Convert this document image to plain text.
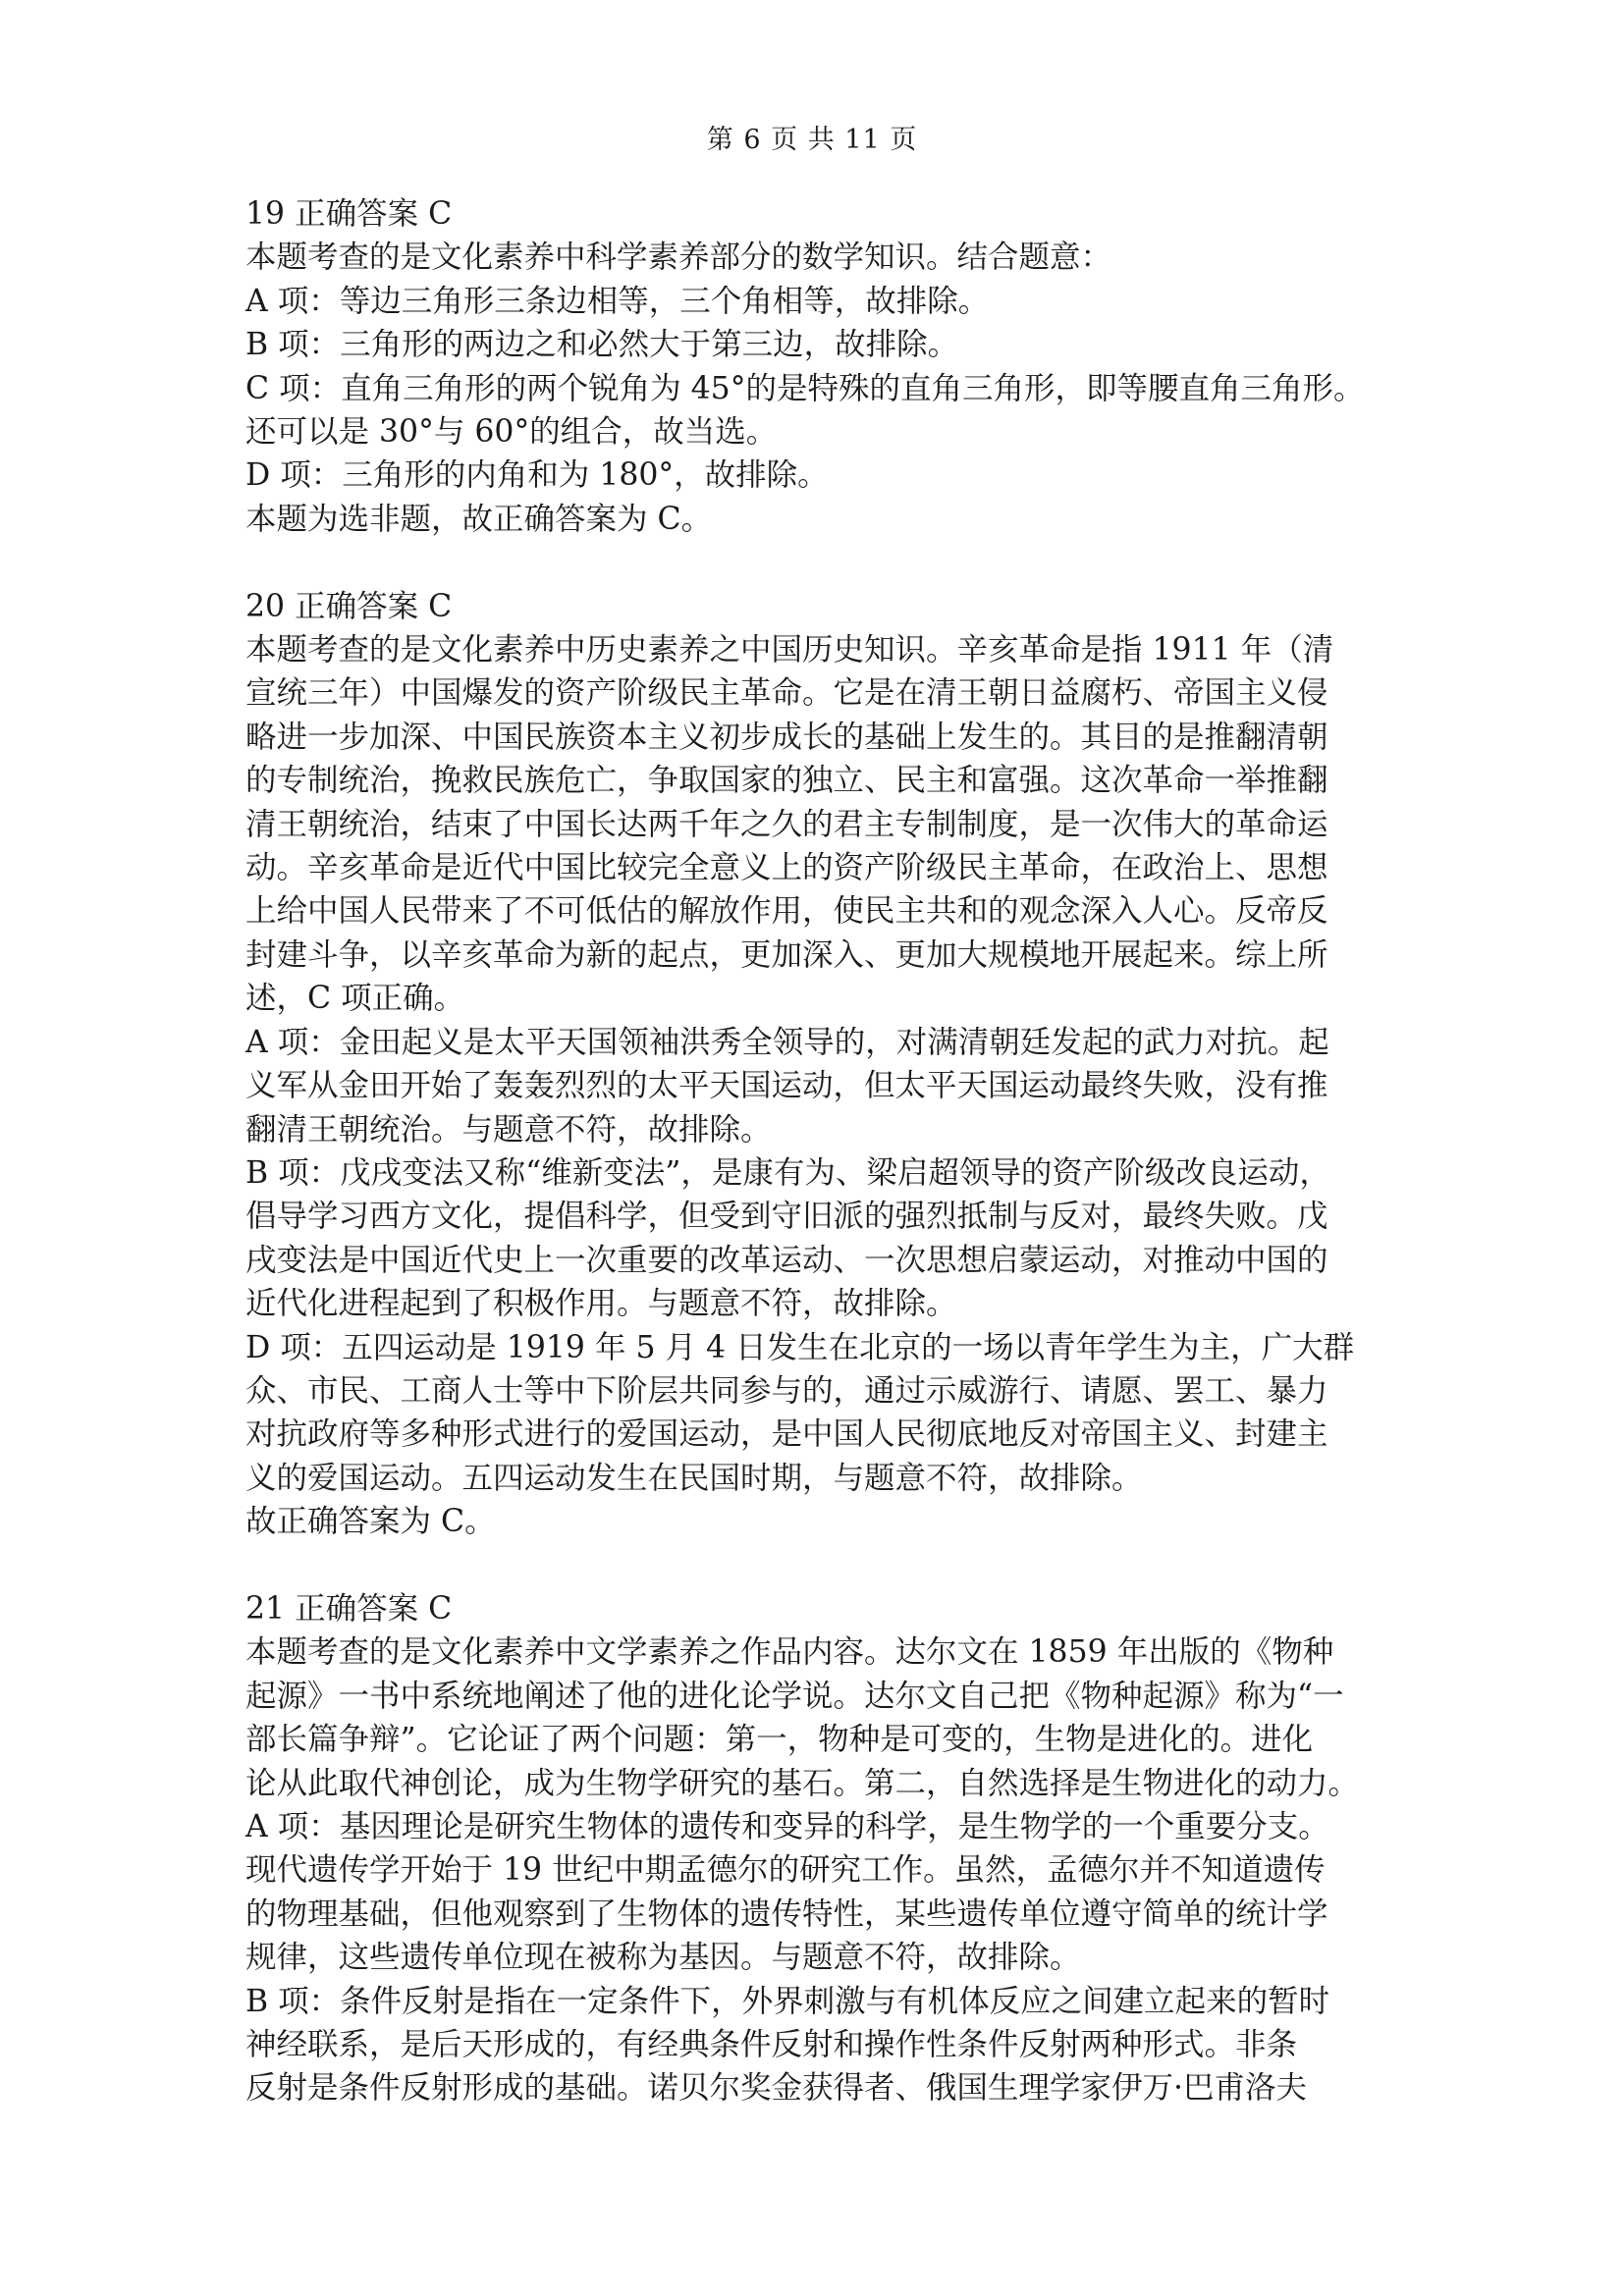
第 6 页 共 11 页
19 正确答案 C
本题考查的是文化素养中科学素养部分的数学知识。结合题意：
A 项：等边三角形三条边相等，三个角相等，故排除。
B 项：三角形的两边之和必然大于第三边，故排除。
C 项：直角三角形的两个锐角为 45°的是特殊的直角三角形，即等腰直角三角形。
还可以是 30°与 60°的组合，故当选。
D 项：三角形的内角和为 180°，故排除。
本题为选非题，故正确答案为 C。
20 正确答案 C
本题考查的是文化素养中历史素养之中国历史知识。辛亥革命是指 1911 年（清
宣统三年）中国爆发的资产阶级民主革命。它是在清王朝日益腐朽、帝国主义侵
略进一步加深、中国民族资本主义初步成长的基础上发生的。其目的是推翻清朝
的专制统治，挽救民族危亡，争取国家的独立、民主和富强。这次革命一举推翻
清王朝统治，结束了中国长达两千年之久的君主专制制度，是一次伟大的革命运
动。辛亥革命是近代中国比较完全意义上的资产阶级民主革命，在政治上、思想
上给中国人民带来了不可低估的解放作用，使民主共和的观念深入人心。反帝反
封建斗争，以辛亥革命为新的起点，更加深入、更加大规模地开展起来。综上所
述，C 项正确。
A 项：金田起义是太平天国领袖洪秀全领导的，对满清朝廷发起的武力对抗。起
义军从金田开始了轰轰烈烈的太平天国运动，但太平天国运动最终失败，没有推
翻清王朝统治。与题意不符，故排除。
B 项：戊戌变法又称“维新变法”，是康有为、梁启超领导的资产阶级改良运动，
倡导学习西方文化，提倡科学，但受到守旧派的强烈抵制与反对，最终失败。戊
戌变法是中国近代史上一次重要的改革运动、一次思想启蒙运动，对推动中国的
近代化进程起到了积极作用。与题意不符，故排除。
D 项：五四运动是 1919 年 5 月 4 日发生在北京的一场以青年学生为主，广大群
众、市民、工商人士等中下阶层共同参与的，通过示威游行、请愿、罢工、暴力
对抗政府等多种形式进行的爱国运动，是中国人民彻底地反对帝国主义、封建主
义的爱国运动。五四运动发生在民国时期，与题意不符，故排除。
故正确答案为 C。
21 正确答案 C
本题考查的是文化素养中文学素养之作品内容。达尔文在 1859 年出版的《物种
起源》一书中系统地阐述了他的进化论学说。达尔文自己把《物种起源》称为“一
部长篇争辩”。它论证了两个问题：第一，物种是可变的，生物是进化的。进化
论从此取代神创论，成为生物学研究的基石。第二，自然选择是生物进化的动力。
A 项：基因理论是研究生物体的遗传和变异的科学，是生物学的一个重要分支。
现代遗传学开始于 19 世纪中期孟德尔的研究工作。虽然，孟德尔并不知道遗传
的物理基础，但他观察到了生物体的遗传特性，某些遗传单位遵守简单的统计学
规律，这些遗传单位现在被称为基因。与题意不符，故排除。
B 项：条件反射是指在一定条件下，外界刺激与有机体反应之间建立起来的暂时
神经联系，是后天形成的，有经典条件反射和操作性条件反射两种形式。非条
反射是条件反射形成的基础。诺贝尔奖金获得者、俄国生理学家伊万·巴甫洛夫
